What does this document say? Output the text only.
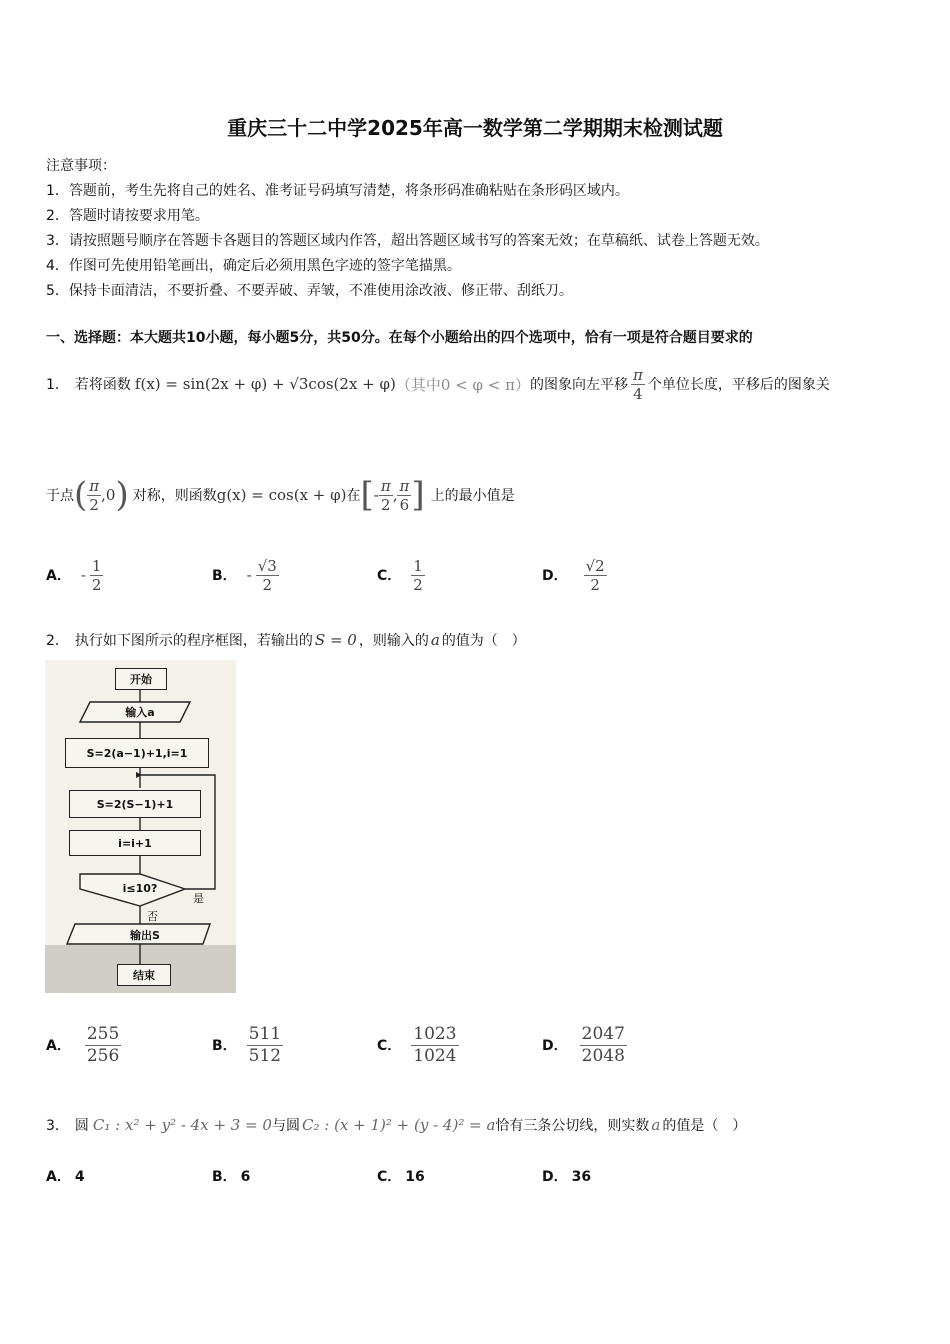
重庆三十二中学2025年高一数学第二学期期末检测试题
注意事项：
1．答题前，考生先将自己的姓名、准考证号码填写清楚，将条形码准确粘贴在条形码区域内。
2．答题时请按要求用笔。
3．请按照题号顺序在答题卡各题目的答题区域内作答，超出答题区域书写的答案无效；在草稿纸、试卷上答题无效。
4．作图可先使用铅笔画出，确定后必须用黑色字迹的签字笔描黑。
5．保持卡面清洁，不要折叠、不要弄破、弄皱，不准使用涂改液、修正带、刮纸刀。
一、选择题：本大题共10小题，每小题5分，共50分。在每个小题给出的四个选项中，恰有一项是符合题目要求的
1． 若将函数 f(x) = sin(2x + φ) + √3cos(2x + φ) （其中0 < φ < π） 的图象向左平移 $\frac{\pi}{4}$ 个单位长度，平移后的图象关
于点 ( $\frac{\pi}{2}$ , 0 ) 对称，则函数 g(x) = cos(x + φ) 在 [ - $\frac{\pi}{2}$ , $\frac{\pi}{6}$ ] 上的最小值是
A． - $\frac{1}{2}$	B． - $\frac{√3}{2}$	C． $\frac{1}{2}$	D． $\frac{√2}{2}$
2． 执行如下图所示的程序框图，若输出的 S = 0 ，则输入的 a 的值为（　）
开始
输入a
S=2(a−1)+1,i=1
S=2(S−1)+1
i=i+1
i≤10?
是
否
输出S
结束
A． $\frac{255}{256}$	B． $\frac{511}{512}$	C． $\frac{1023}{1024}$	D． $\frac{2047}{2048}$
3． 圆 C₁ : x² + y² - 4x + 3 = 0 与圆 C₂ : (x + 1)² + (y - 4)² = a 恰有三条公切线，则实数 a 的值是（　）
A． 4	B． 6	C． 16	D． 36
